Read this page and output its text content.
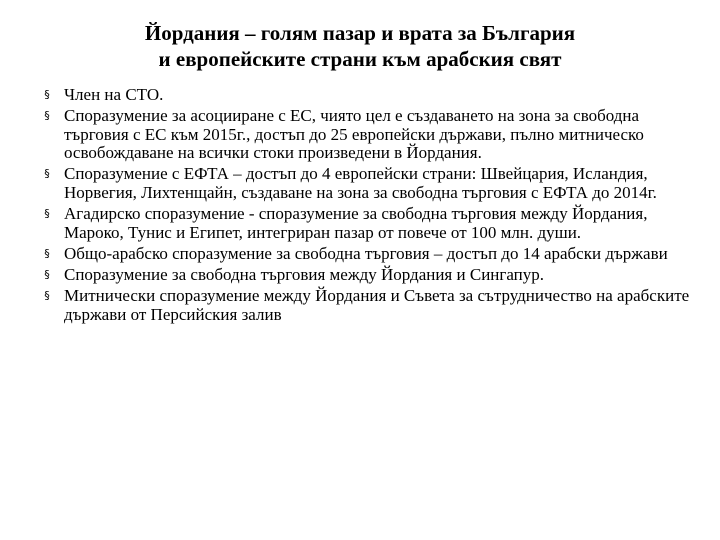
Йордания – голям пазар и врата за България
и европейските страни към арабския свят
§ Член на СТО.
§ Споразумение за асоцииране с ЕС, чиято цел е създаването на зона за свободна търговия с ЕС към 2015г., достъп до 25 европейски държави, пълно митническо освобождаване на всички стоки произведени в Йордания.
§ Споразумение с ЕФТА – достъп до 4 европейски страни: Швейцария, Исландия, Норвегия, Лихтенщайн, създаване на зона за свободна търговия с ЕФТА до 2014г.
§ Агадирско споразумение - споразумение за свободна търговия между Йордания, Мароко, Тунис и Египет, интегриран пазар от повече от 100 млн. души.
§ Общо-арабско споразумение за свободна търговия – достъп до 14 арабски държави
§ Споразумение за свободна търговия между Йордания и Сингапур.
§ Митнически споразумение между Йордания и Съвета за сътрудничество на арабските държави от Персийския залив
